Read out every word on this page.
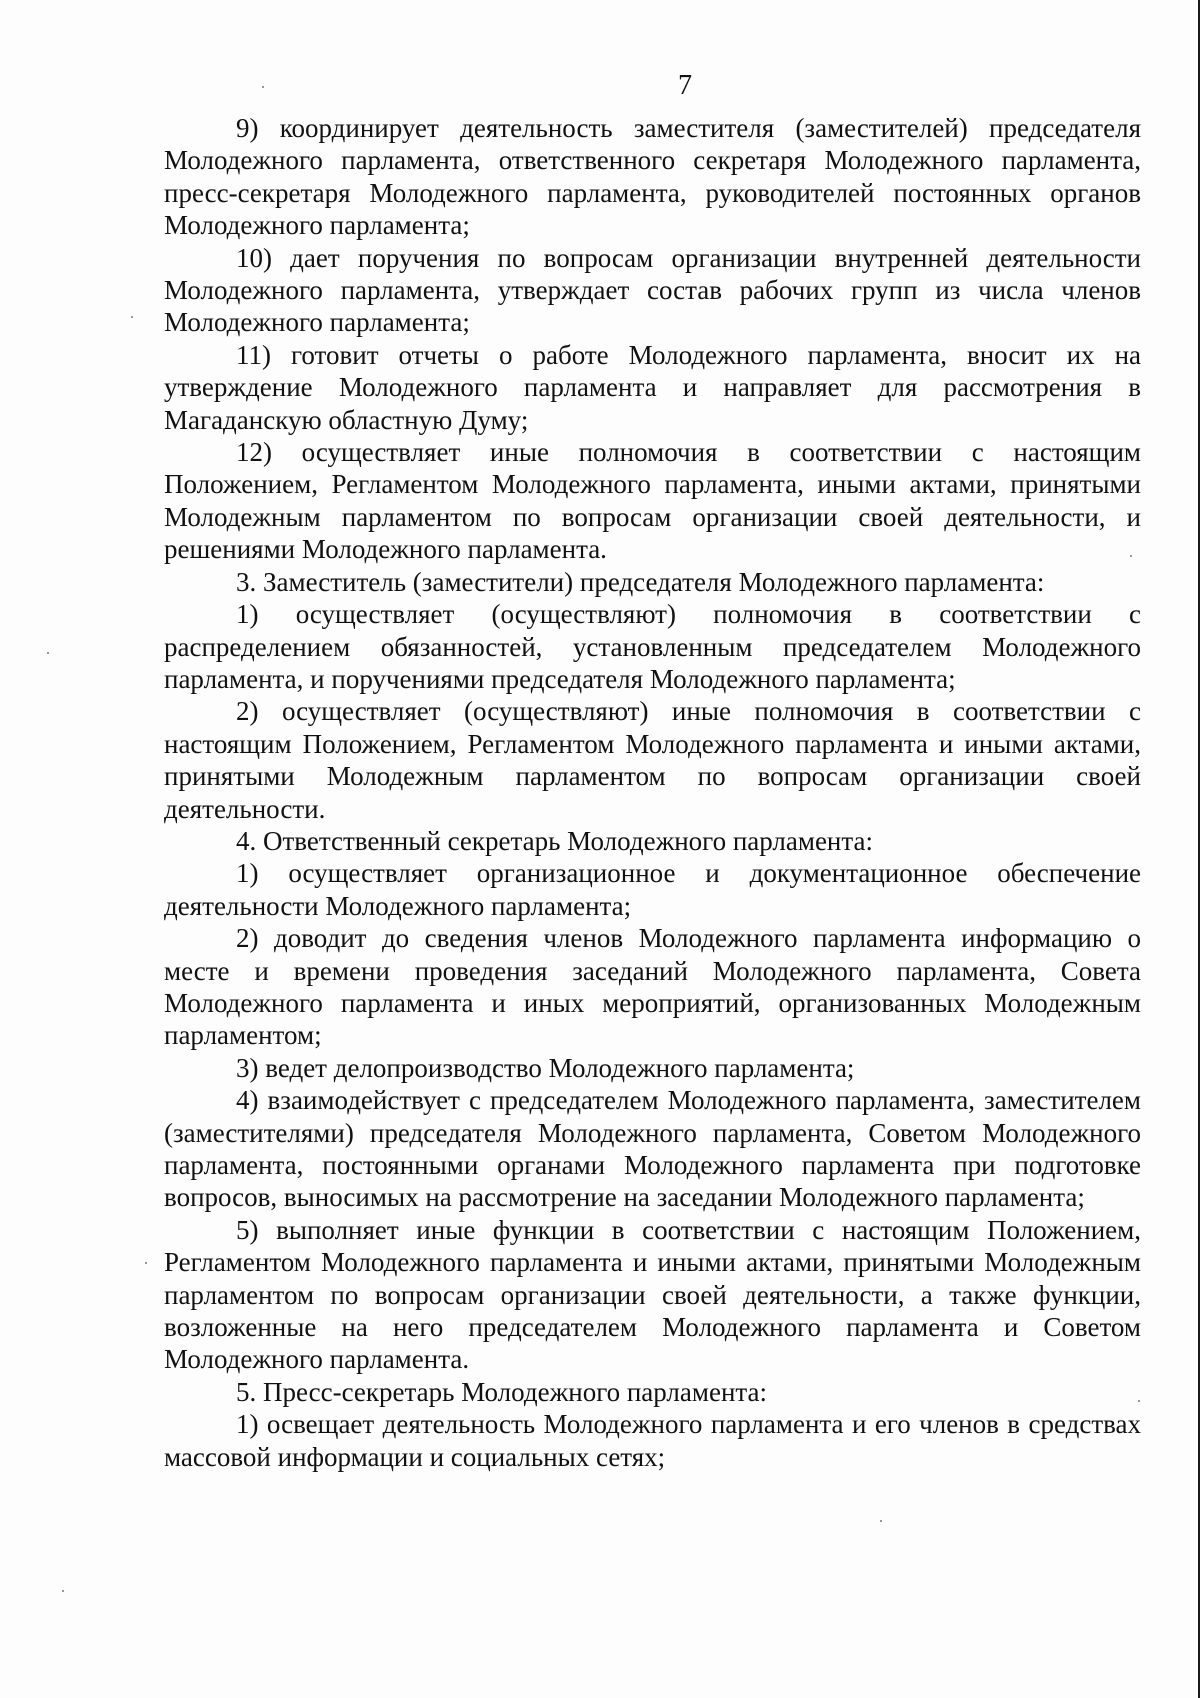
7

9) координирует деятельность заместителя (заместителей) председателя Молодежного парламента, ответственного секретаря Молодежного парламента, пресс-секретаря Молодежного парламента, руководителей постоянных органов Молодежного парламента;

10) дает поручения по вопросам организации внутренней деятельности Молодежного парламента, утверждает состав рабочих групп из числа членов Молодежного парламента;

11) готовит отчеты о работе Молодежного парламента, вносит их на утверждение Молодежного парламента и направляет для рассмотрения в Магаданскую областную Думу;

12) осуществляет иные полномочия в соответствии с настоящим Положением, Регламентом Молодежного парламента, иными актами, принятыми Молодежным парламентом по вопросам организации своей деятельности, и решениями Молодежного парламента.

3. Заместитель (заместители) председателя Молодежного парламента:

1) осуществляет (осуществляют) полномочия в соответствии с распределением обязанностей, установленным председателем Молодежного парламента, и поручениями председателя Молодежного парламента;

2) осуществляет (осуществляют) иные полномочия в соответствии с настоящим Положением, Регламентом Молодежного парламента и иными актами, принятыми Молодежным парламентом по вопросам организации своей деятельности.

4. Ответственный секретарь Молодежного парламента:

1) осуществляет организационное и документационное обеспечение деятельности Молодежного парламента;

2) доводит до сведения членов Молодежного парламента информацию о месте и времени проведения заседаний Молодежного парламента, Совета Молодежного парламента и иных мероприятий, организованных Молодежным парламентом;

3) ведет делопроизводство Молодежного парламента;

4) взаимодействует с председателем Молодежного парламента, заместителем (заместителями) председателя Молодежного парламента, Советом Молодежного парламента, постоянными органами Молодежного парламента при подготовке вопросов, выносимых на рассмотрение на заседании Молодежного парламента;

5) выполняет иные функции в соответствии с настоящим Положением, Регламентом Молодежного парламента и иными актами, принятыми Молодежным парламентом по вопросам организации своей деятельности, а также функции, возложенные на него председателем Молодежного парламента и Советом Молодежного парламента.

5. Пресс-секретарь Молодежного парламента:

1) освещает деятельность Молодежного парламента и его членов в средствах массовой информации и социальных сетях;
